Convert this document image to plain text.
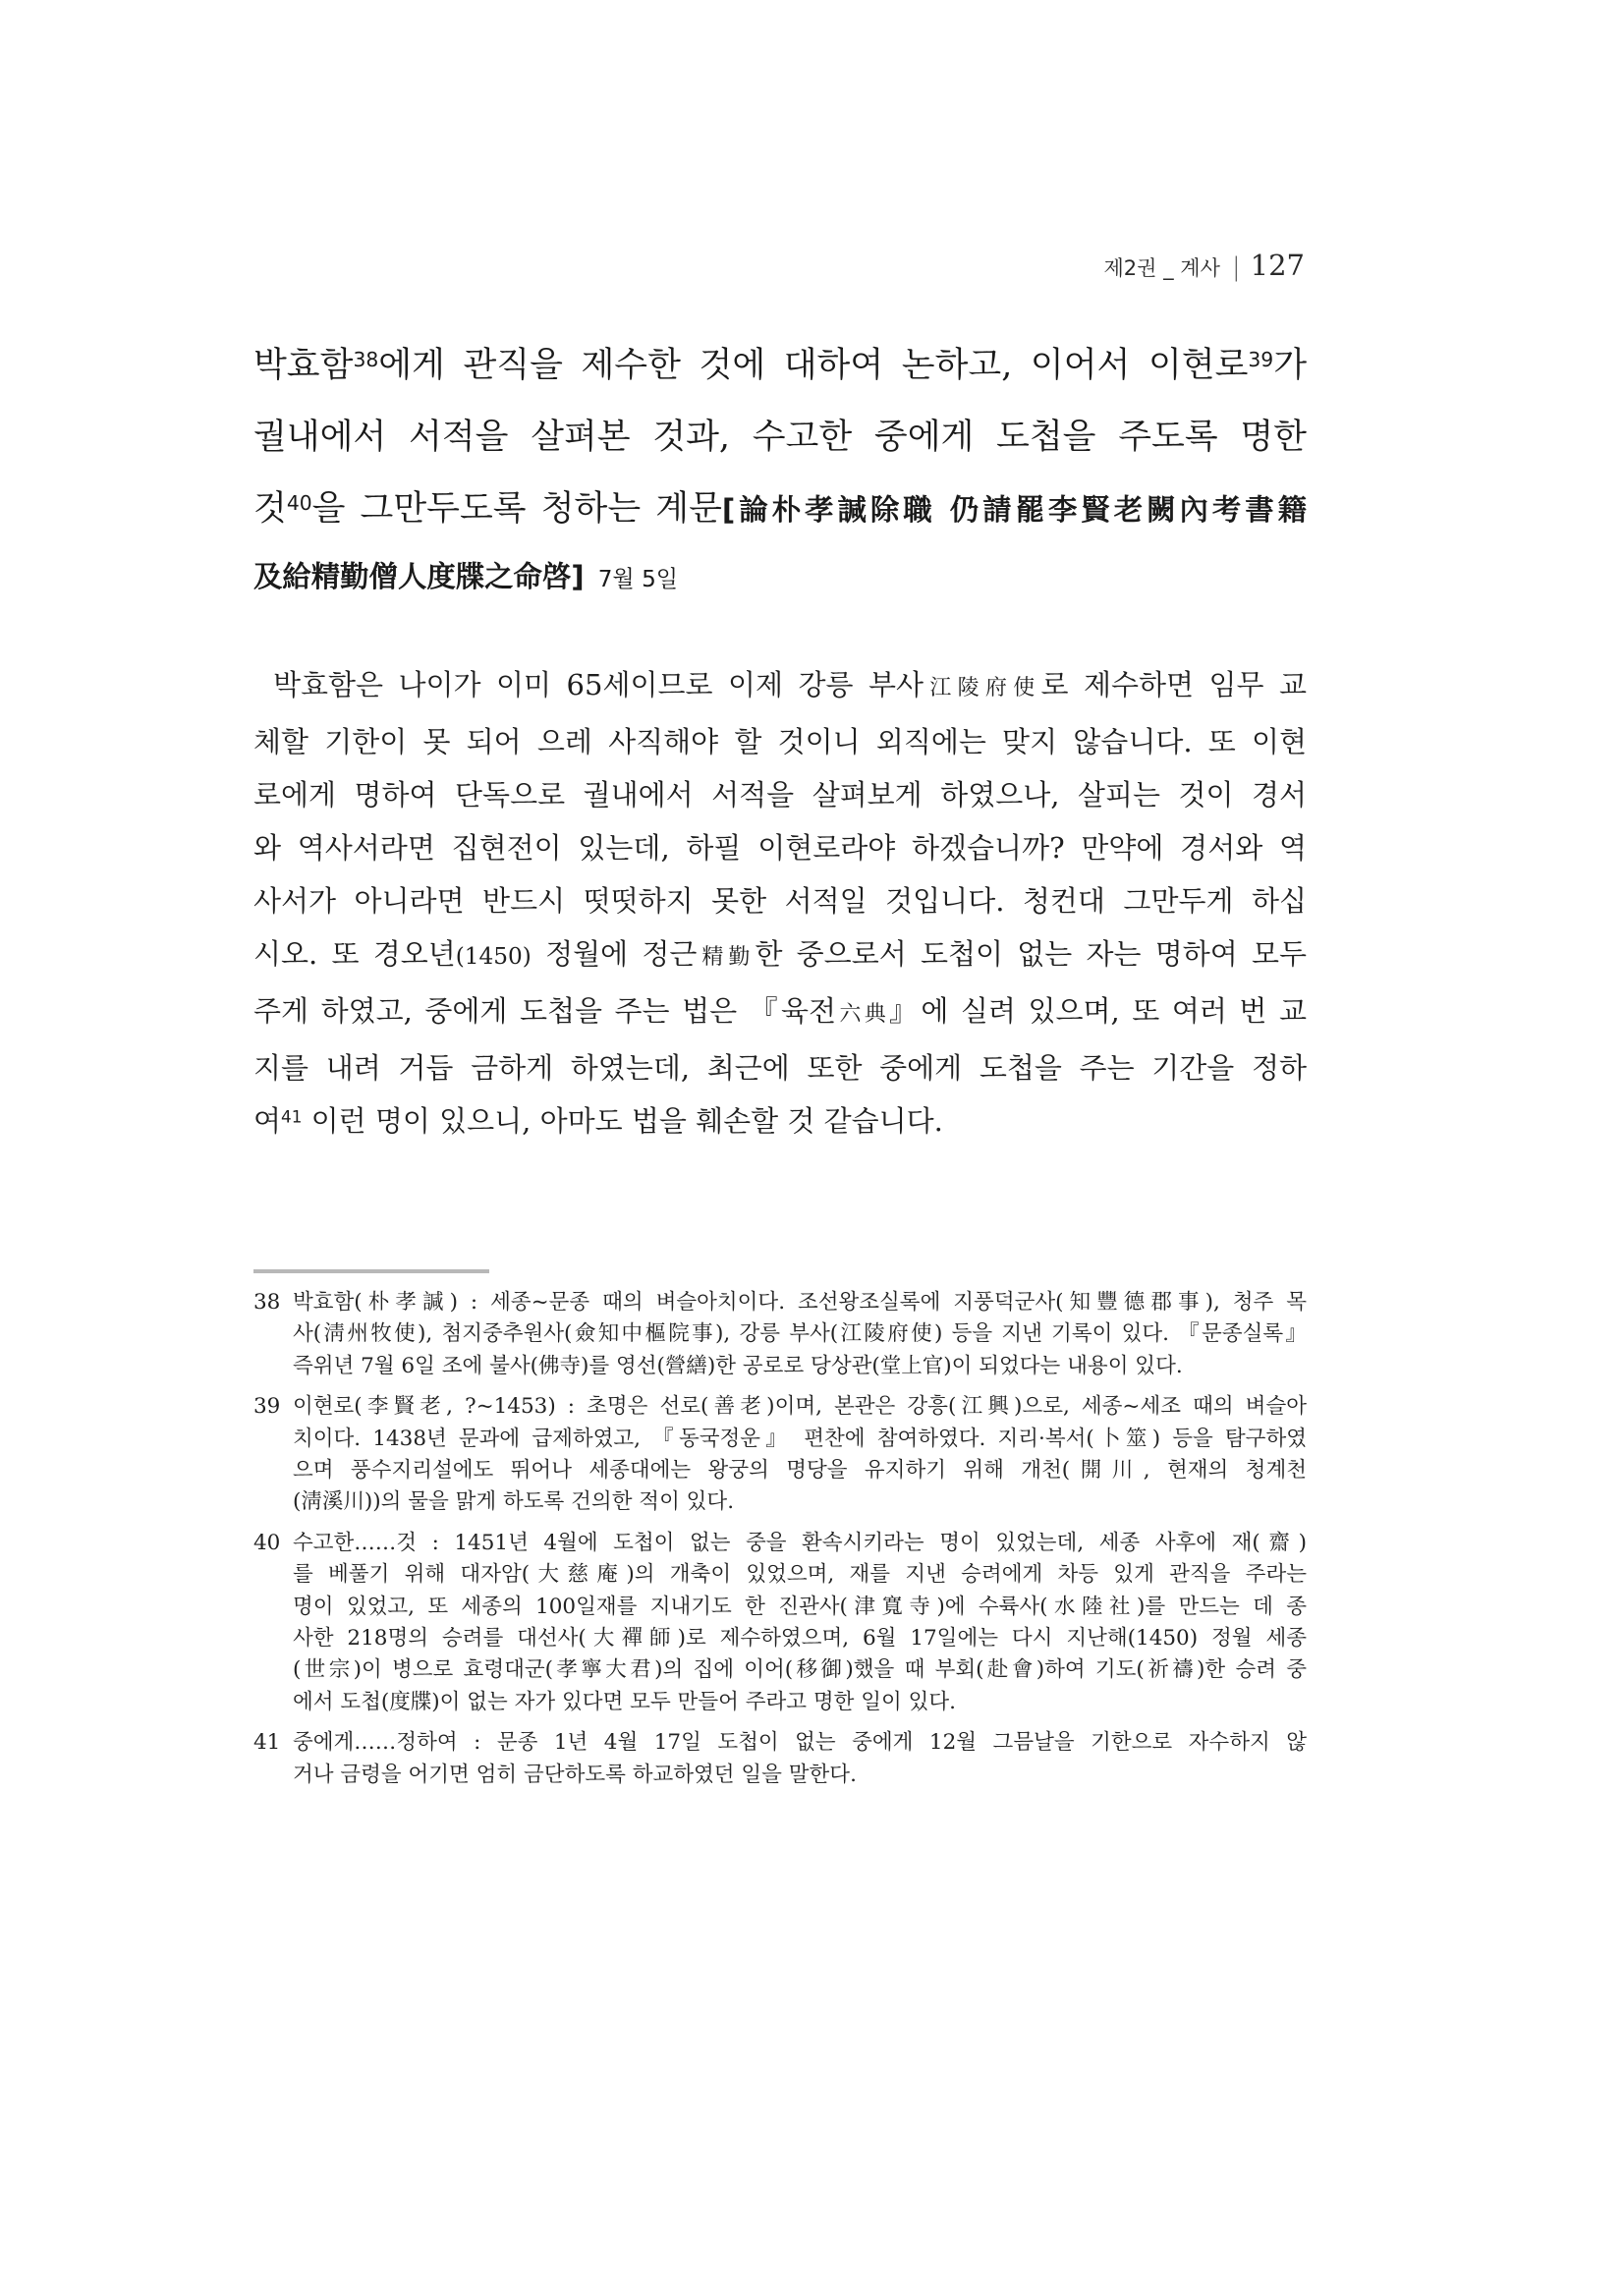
제2권 _ 계사 | 127
박효함$^{38}$에게 관직을 제수한 것에 대하여 논하고, 이어서 이현로$^{39}$가
궐내에서 서적을 살펴본 것과, 수고한 중에게 도첩을 주도록 명한
것$^{40}$을 그만두도록 청하는 계문[論朴孝諴除職 仍請罷李賢老闕內考書籍
及給精勤僧人度牒之命啓] 7월 5일
박효함은 나이가 이미 65세이므로 이제 강릉 부사江陵府使로 제수하면 임무 교
체할 기한이 못 되어 으레 사직해야 할 것이니 외직에는 맞지 않습니다. 또 이현
로에게 명하여 단독으로 궐내에서 서적을 살펴보게 하였으나, 살피는 것이 경서
와 역사서라면 집현전이 있는데, 하필 이현로라야 하겠습니까? 만약에 경서와 역
사서가 아니라면 반드시 떳떳하지 못한 서적일 것입니다. 청컨대 그만두게 하십
시오. 또 경오년(1450) 정월에 정근精勤한 중으로서 도첩이 없는 자는 명하여 모두
주게 하였고, 중에게 도첩을 주는 법은 『육전六典』에 실려 있으며, 또 여러 번 교
지를 내려 거듭 금하게 하였는데, 최근에 또한 중에게 도첩을 주는 기간을 정하
여$^{41}$ 이런 명이 있으니, 아마도 법을 훼손할 것 같습니다.
38 박효함(朴孝諴) : 세종~문종 때의 벼슬아치이다. 조선왕조실록에 지풍덕군사(知豐德郡事), 청주 목
사(淸州牧使), 첨지중추원사(僉知中樞院事), 강릉 부사(江陵府使) 등을 지낸 기록이 있다. 『문종실록』
즉위년 7월 6일 조에 불사(佛寺)를 영선(營繕)한 공로로 당상관(堂上官)이 되었다는 내용이 있다.
39 이현로(李賢老, ?~1453) : 초명은 선로(善老)이며, 본관은 강흥(江興)으로, 세종~세조 때의 벼슬아
치이다. 1438년 문과에 급제하였고, 『동국정운』 편찬에 참여하였다. 지리·복서(卜筮) 등을 탐구하였
으며 풍수지리설에도 뛰어나 세종대에는 왕궁의 명당을 유지하기 위해 개천(開川, 현재의 청계천
(淸溪川))의 물을 맑게 하도록 건의한 적이 있다.
40 수고한……것 : 1451년 4월에 도첩이 없는 중을 환속시키라는 명이 있었는데, 세종 사후에 재(齋)
를 베풀기 위해 대자암(大慈庵)의 개축이 있었으며, 재를 지낸 승려에게 차등 있게 관직을 주라는
명이 있었고, 또 세종의 100일재를 지내기도 한 진관사(津寬寺)에 수륙사(水陸社)를 만드는 데 종
사한 218명의 승려를 대선사(大禪師)로 제수하였으며, 6월 17일에는 다시 지난해(1450) 정월 세종
(世宗)이 병으로 효령대군(孝寧大君)의 집에 이어(移御)했을 때 부회(赴會)하여 기도(祈禱)한 승려 중
에서 도첩(度牒)이 없는 자가 있다면 모두 만들어 주라고 명한 일이 있다.
41 중에게……정하여 : 문종 1년 4월 17일 도첩이 없는 중에게 12월 그믐날을 기한으로 자수하지 않
거나 금령을 어기면 엄히 금단하도록 하교하였던 일을 말한다.
